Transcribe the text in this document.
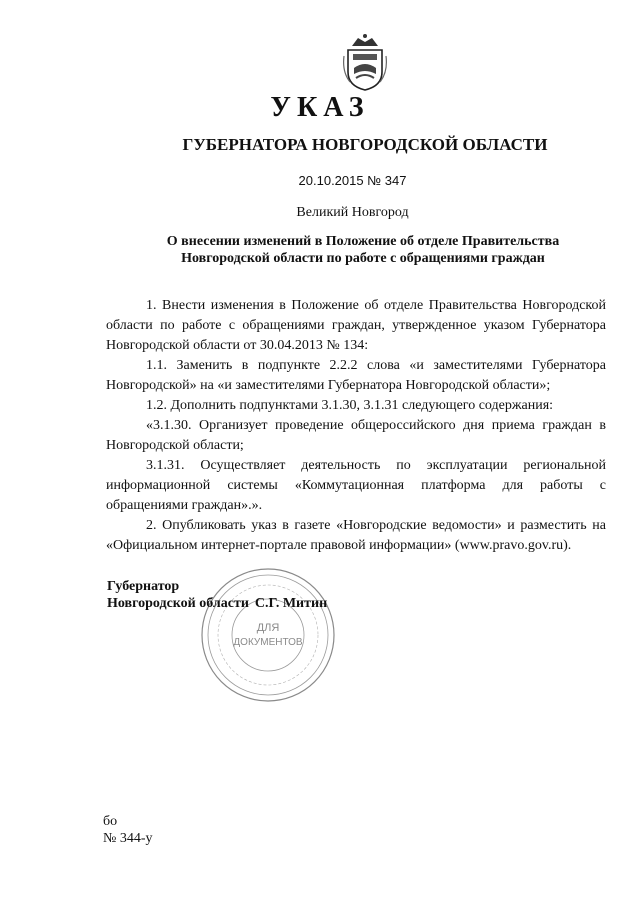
УКАЗ
ГУБЕРНАТОРА НОВГОРОДСКОЙ ОБЛАСТИ
20.10.2015 № 347
Великий Новгород
О внесении изменений в Положение об отделе Правительства
Новгородской области по работе с обращениями граждан

1. Внести изменения в Положение об отделе Правительства Новгородской области по работе с обращениями граждан, утвержденное указом Губернатора Новгородской области от 30.04.2013 № 134:

1.1. Заменить в подпункте 2.2.2 слова «и заместителями Губернатора Новгородской» на «и заместителями Губернатора Новгородской области»;

1.2. Дополнить подпунктами 3.1.30, 3.1.31 следующего содержания:

«3.1.30. Организует проведение общероссийского дня приема граждан в Новгородской области;

3.1.31. Осуществляет деятельность по эксплуатации региональной информационной системы «Коммутационная платформа для работы с обращениями граждан».».

2. Опубликовать указ в газете «Новгородские ведомости» и разместить на «Официальном интернет-портале правовой информации» (www.pravo.gov.ru).

ДЛЯ
ДОКУМЕНТОВ
Губернатор
Новгородской области С.Г. Митин
бо
№ 344-у
